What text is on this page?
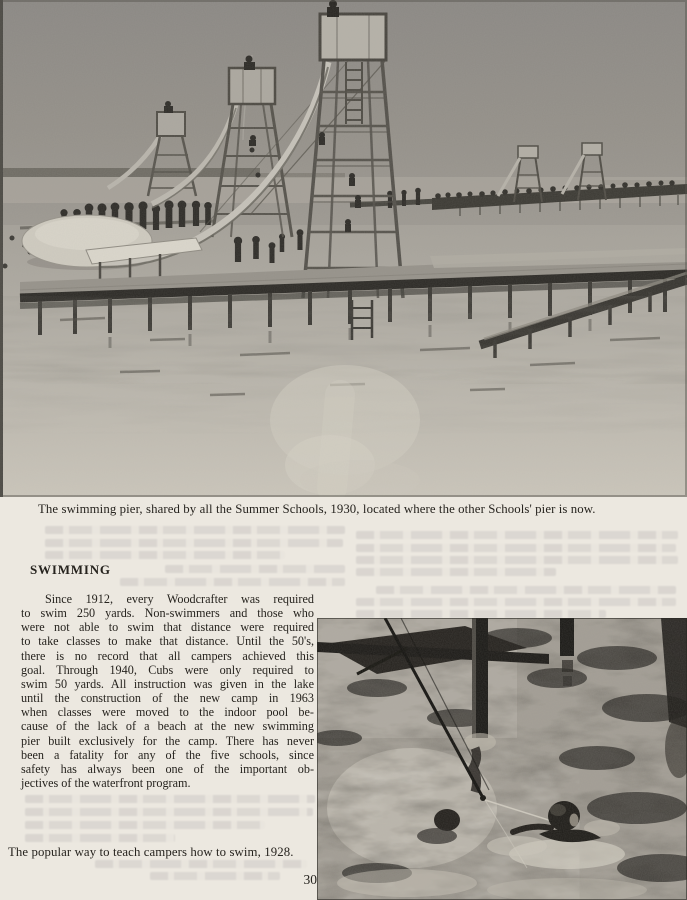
The swimming pier, shared by all the Summer Schools, 1930, located where the other Schools' pier is now.

SWIMMING
Since 1912, every Woodcrafter was required
to swim 250 yards. Non-swimmers and those who
were not able to swim that distance were required
to take classes to make that distance. Until the 50's,
there is no record that all campers achieved this
goal. Through 1940, Cubs were only required to
swim 50 yards. All instruction was given in the lake
until the construction of the new camp in 1963
when classes were moved to the indoor pool be-
cause of the lack of a beach at the new swimming
pier built exclusively for the camp. There has never
been a fatality for any of the five schools, since
safety has always been one of the important ob-
jectives of the waterfront program.

The popular way to teach campers how to swim, 1928.

30
